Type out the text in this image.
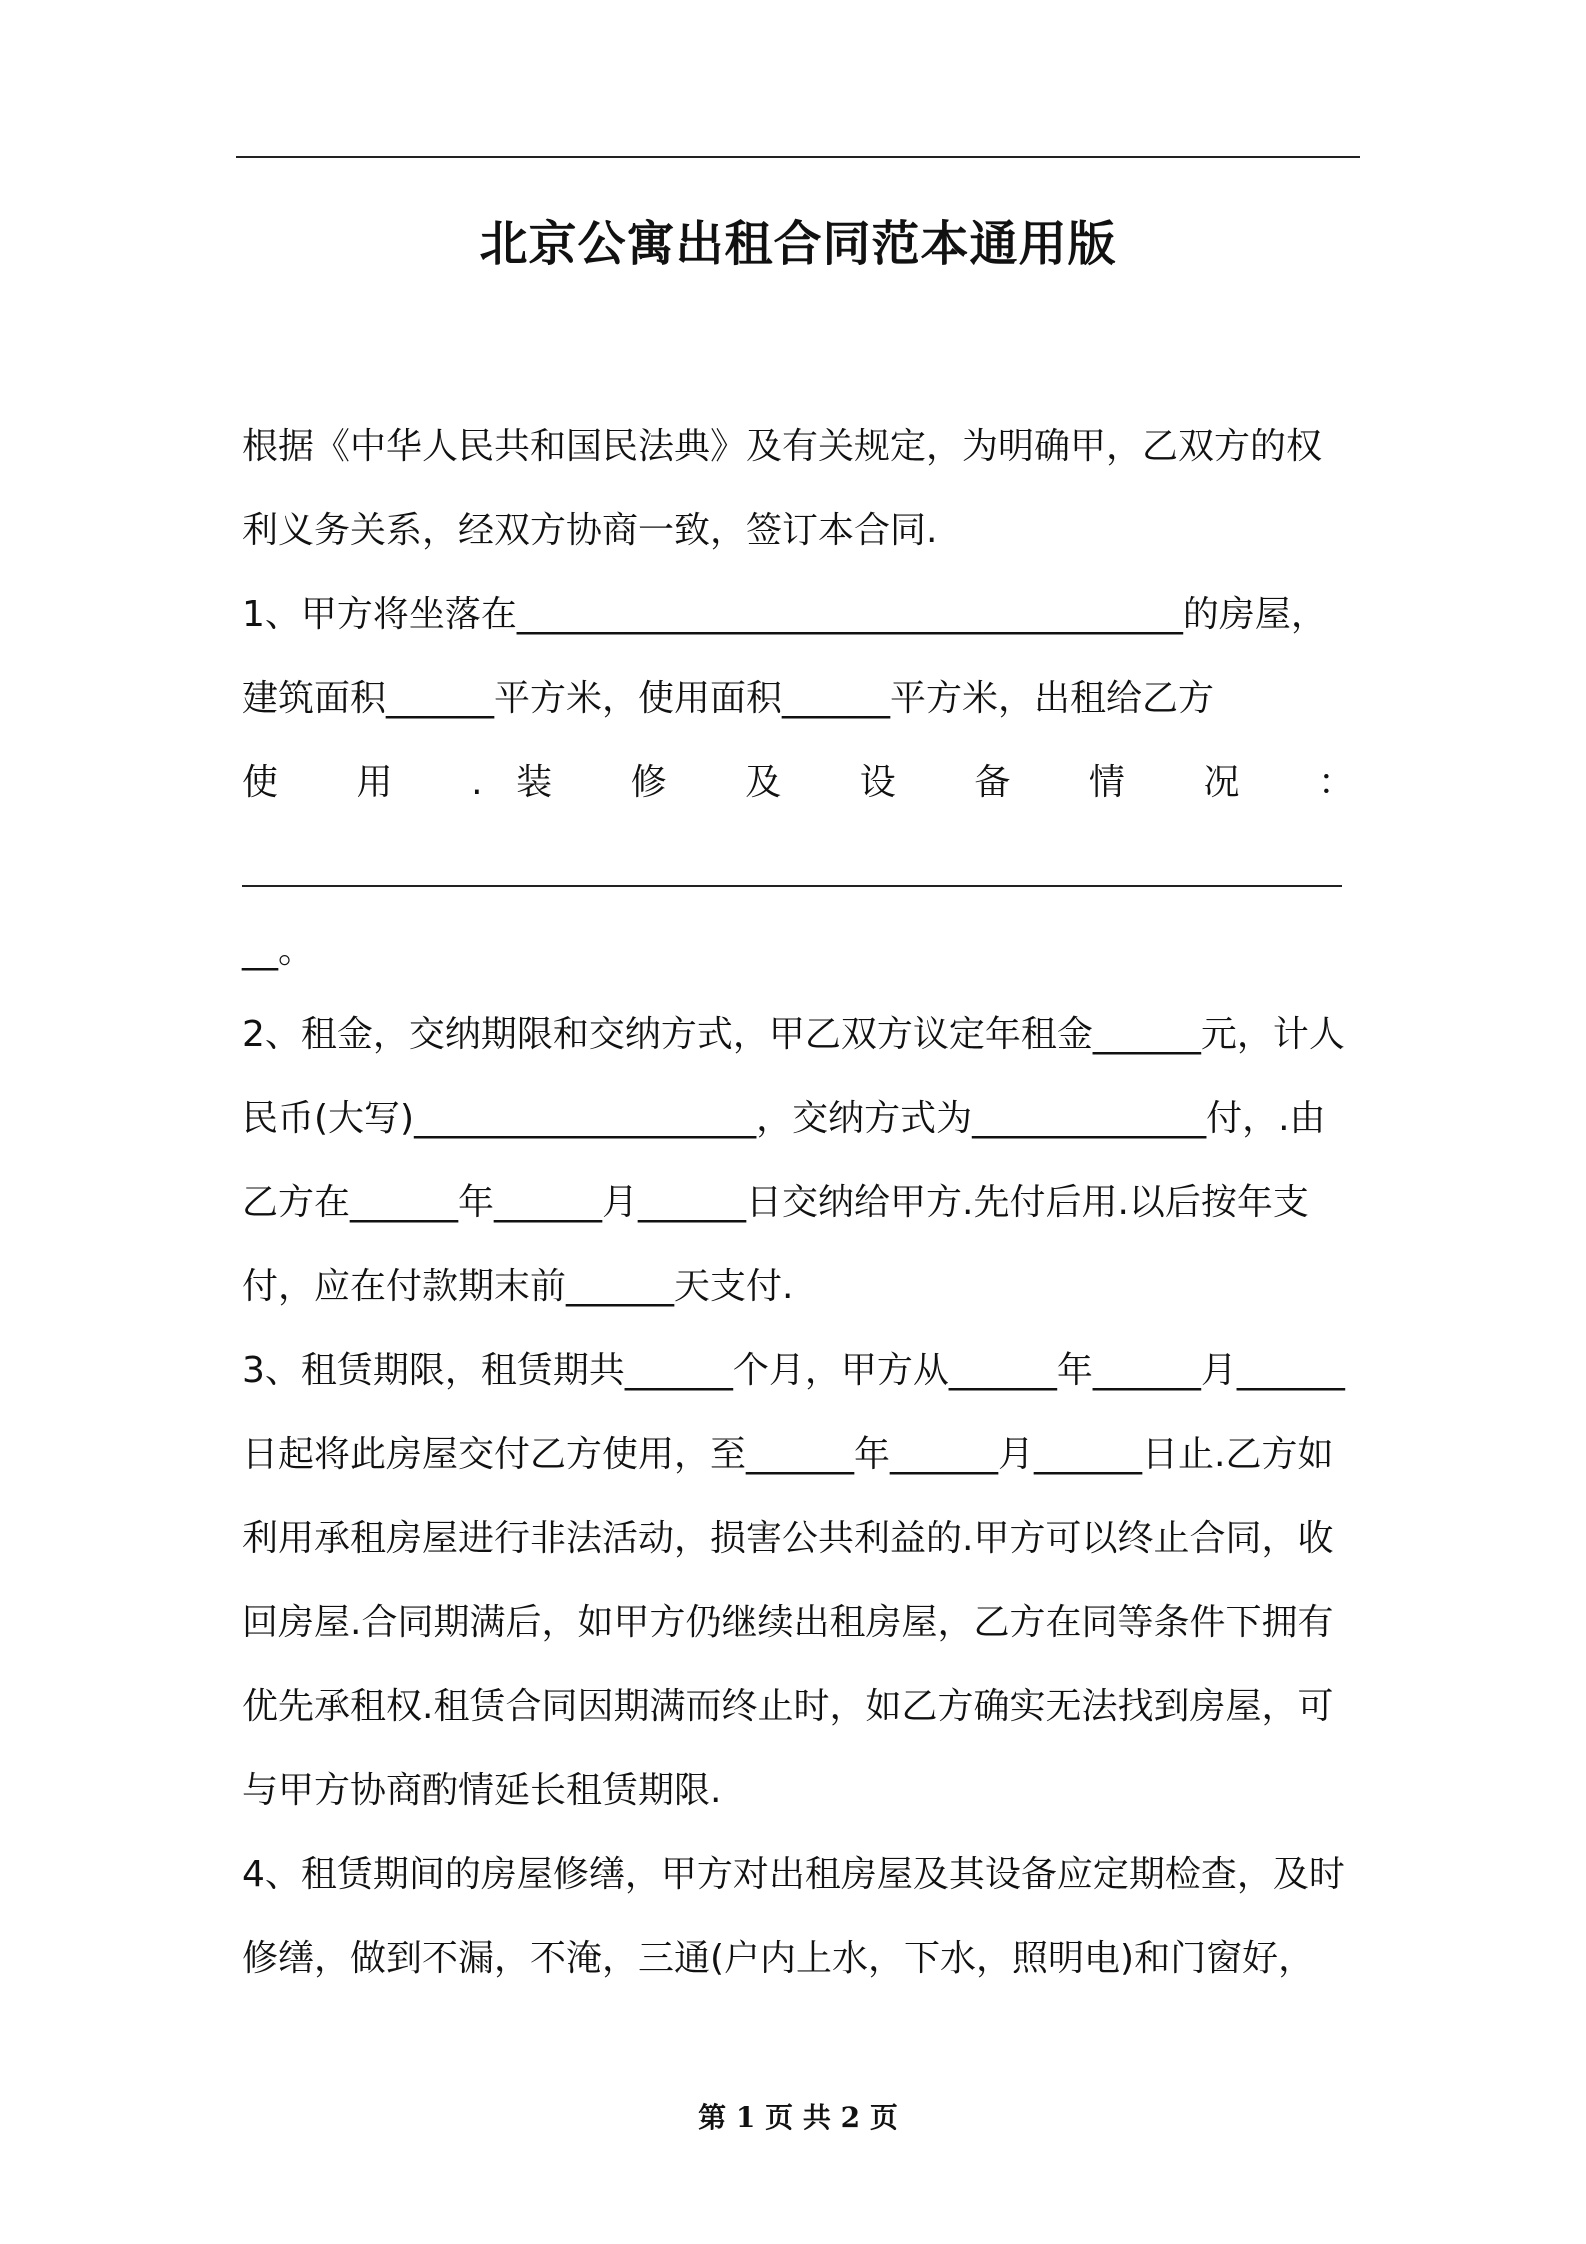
北京公寓出租合同范本通用版

根据《中华人民共和国民法典》及有关规定，为明确甲，乙双方的权利义务关系，经双方协商一致，签订本合同.

1、甲方将坐落在_____________________________________的房屋，建筑面积______平方米，使用面积______平方米，出租给乙方

使 用 .装 修 及 设 备 情 况 ：

__。

2、租金，交纳期限和交纳方式，甲乙双方议定年租金______元，计人民币(大写)___________________，交纳方式为_____________付，.由乙方在______年______月______日交纳给甲方.先付后用.以后按年支付，应在付款期末前______天支付.

3、租赁期限，租赁期共______个月，甲方从______年______月______日起将此房屋交付乙方使用，至______年______月______日止.乙方如利用承租房屋进行非法活动，损害公共利益的.甲方可以终止合同，收回房屋.合同期满后，如甲方仍继续出租房屋，乙方在同等条件下拥有优先承租权.租赁合同因期满而终止时，如乙方确实无法找到房屋，可与甲方协商酌情延长租赁期限.

4、租赁期间的房屋修缮，甲方对出租房屋及其设备应定期检查，及时修缮，做到不漏，不淹，三通(户内上水，下水，照明电)和门窗好，

第 1 页 共 2 页
